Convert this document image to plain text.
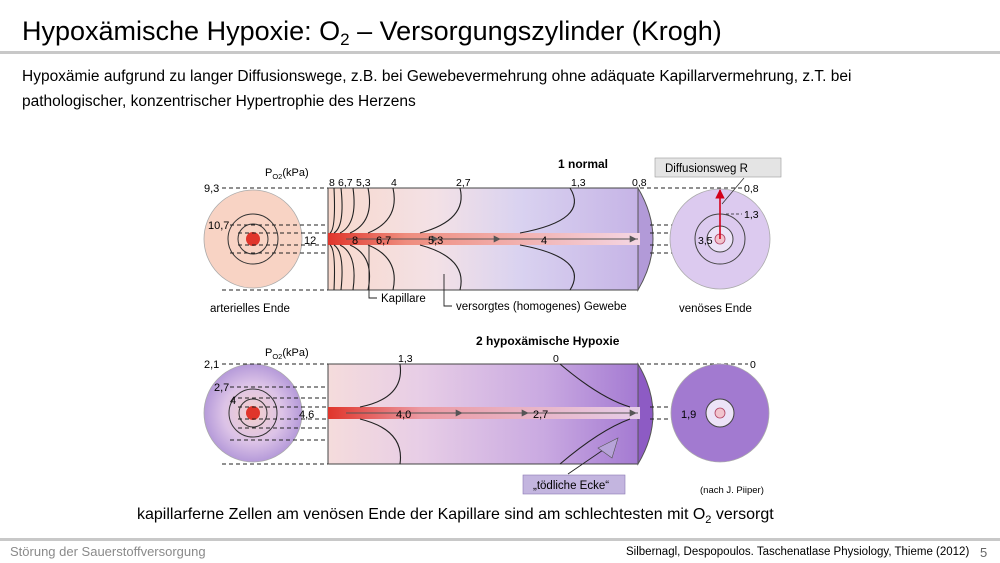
Hypoxämische Hypoxie: $O_2$ – Versorgungszylinder (Krogh)

Hypoxämie aufgrund zu langer Diffusionswege, z.B. bei Gewebevermehrung ohne adäquate Kapillarvermehrung, z.T. bei

pathologischer, konzentrischer Hypertrophie des Herzens

Diffusionsweg R
1 normal
$P_{O2}(kPa)$
9,3
10,7
8 6,7 5,3 4	2,7	1,3	0,8
12	8 6,7	5,3	4
0,8
1,3
3,5
Kapillare
versorgtes (homogenes) Gewebe
arterielles Ende	venöses Ende
2 hypoxämische Hypoxie
$P_{O2}(kPa)$
2,1
2,7
4
1,3	0	0
4,6	4,0	2,7	1,9
„tödliche Ecke“	(nach J. Piiper)
kapillarferne Zellen am venösen Ende der Kapillare sind am schlechtesten mit $O_2$ versorgt
Störung der Sauerstoffversorgung	Silbernagl, Despopoulos. Taschenatlase Physiology, Thieme (2012) 5
